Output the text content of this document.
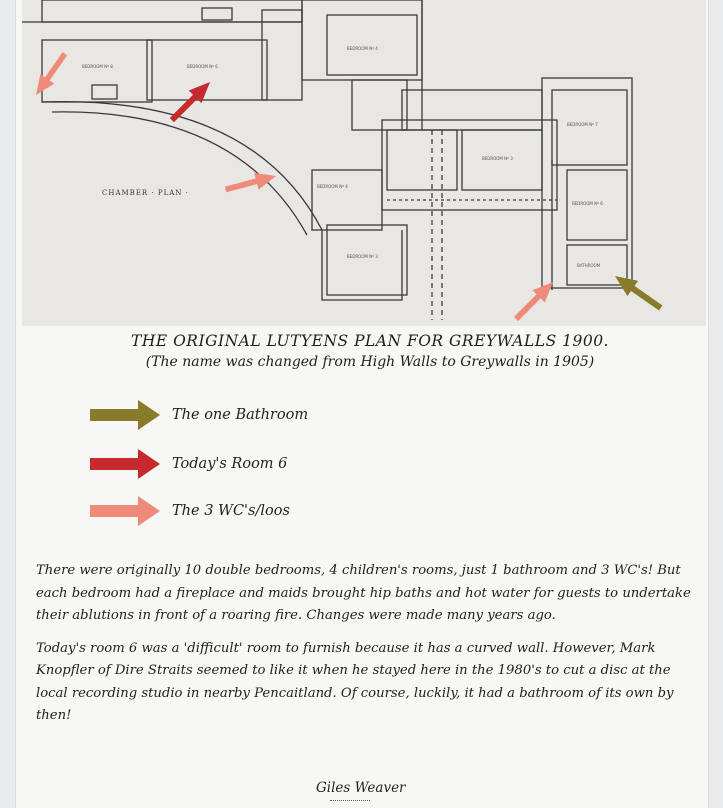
BEDROOM Nº 8	BEDROOM Nº 6
BEDROOM Nº 4
BEDROOM Nº 4
BEDROOM Nº 3
BEDROOM Nº 3
BEDROOM Nº 7
BEDROOM Nº 6
BATHROOM
CHAMBER · PLAN ·
THE ORIGINAL LUTYENS PLAN FOR GREYWALLS 1900.
(The name was changed from High Walls to Greywalls in 1905)
The one Bathroom
Today's Room 6
The 3 WC's/loos

There were originally 10 double bedrooms, 4 children's rooms, just 1 bathroom and 3 WC's! But each bedroom had a fireplace and maids brought hip baths and hot water for guests to undertake their ablutions in front of a roaring fire. Changes were made many years ago.

Today's room 6 was a 'difficult' room to furnish because it has a curved wall. However, Mark Knopfler of Dire Straits seemed to like it when he stayed here in the 1980's to cut a disc at the local recording studio in nearby Pencaitland. Of course, luckily, it had a bathroom of its own by then!

Giles Weaver
